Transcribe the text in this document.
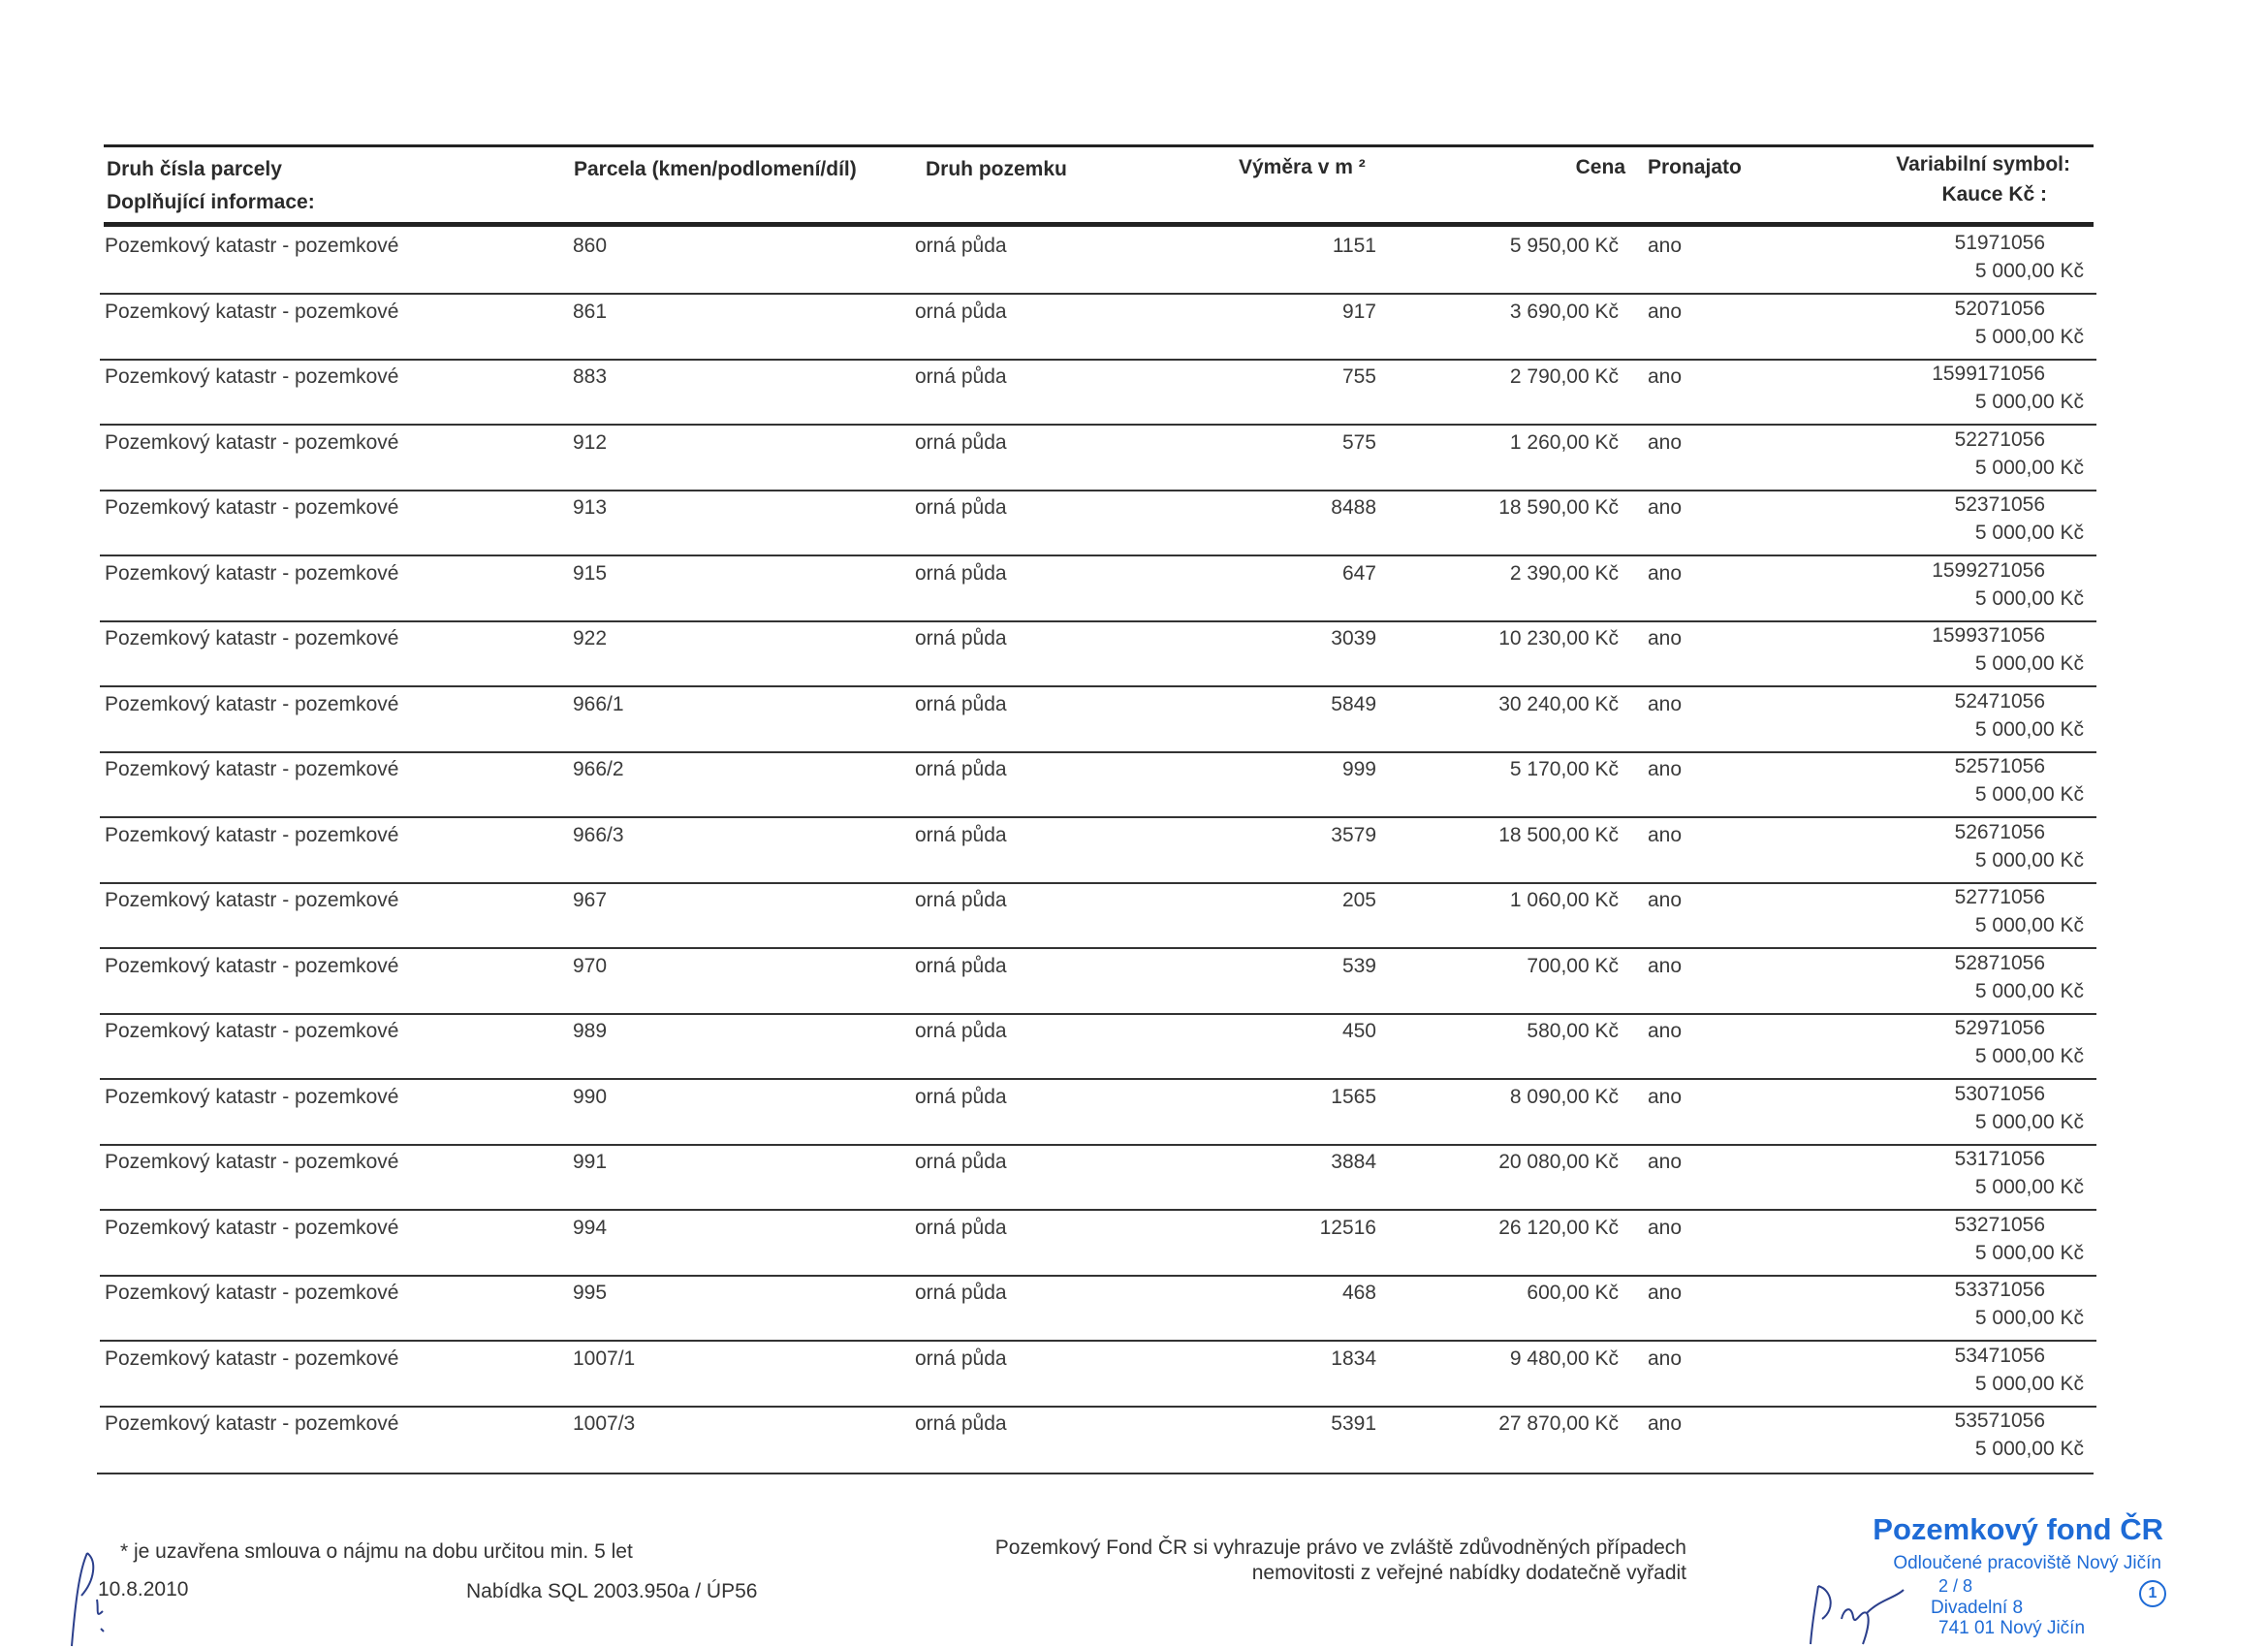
Druh čísla parcely
Doplňující informace:
Parcela (kmen/podlomení/díl)	Druh pozemku	Výměra v m ²	Cena Pronajato	Variabilní symbol:
Kauce Kč :
Pozemkový katastr - pozemkové	860	orná půda	1151	5 950,00 Kč ano	51971056
5 000,00 Kč
Pozemkový katastr - pozemkové	861	orná půda	917	3 690,00 Kč ano	52071056
5 000,00 Kč
Pozemkový katastr - pozemkové	883	orná půda	755	2 790,00 Kč ano	1599171056
5 000,00 Kč
Pozemkový katastr - pozemkové	912	orná půda	575	1 260,00 Kč ano	52271056
5 000,00 Kč
Pozemkový katastr - pozemkové	913	orná půda	8488	18 590,00 Kč ano	52371056
5 000,00 Kč
Pozemkový katastr - pozemkové	915	orná půda	647	2 390,00 Kč ano	1599271056
5 000,00 Kč
Pozemkový katastr - pozemkové	922	orná půda	3039	10 230,00 Kč ano	1599371056
5 000,00 Kč
Pozemkový katastr - pozemkové	966/1	orná půda	5849	30 240,00 Kč ano	52471056
5 000,00 Kč
Pozemkový katastr - pozemkové	966/2	orná půda	999	5 170,00 Kč ano	52571056
5 000,00 Kč
Pozemkový katastr - pozemkové	966/3	orná půda	3579	18 500,00 Kč ano	52671056
5 000,00 Kč
Pozemkový katastr - pozemkové	967	orná půda	205	1 060,00 Kč ano	52771056
5 000,00 Kč
Pozemkový katastr - pozemkové	970	orná půda	539	700,00 Kč ano	52871056
5 000,00 Kč
Pozemkový katastr - pozemkové	989	orná půda	450	580,00 Kč ano	52971056
5 000,00 Kč
Pozemkový katastr - pozemkové	990	orná půda	1565	8 090,00 Kč ano	53071056
5 000,00 Kč
Pozemkový katastr - pozemkové	991	orná půda	3884	20 080,00 Kč ano	53171056
5 000,00 Kč
Pozemkový katastr - pozemkové	994	orná půda	12516	26 120,00 Kč ano	53271056
5 000,00 Kč
Pozemkový katastr - pozemkové	995	orná půda	468	600,00 Kč ano	53371056
5 000,00 Kč
Pozemkový katastr - pozemkové	1007/1	orná půda	1834	9 480,00 Kč ano	53471056
5 000,00 Kč
Pozemkový katastr - pozemkové	1007/3	orná půda	5391	27 870,00 Kč ano	53571056
5 000,00 Kč
* je uzavřena smlouva o nájmu na dobu určitou min. 5 let
10.8.2010	Nabídka SQL 2003.950a / ÚP56
Pozemkový Fond ČR si vyhrazuje právo ve zvláště zdůvodněných případech
nemovitosti z veřejné nabídky dodatečně vyřadit
Pozemkový fond ČR
Odloučené pracoviště Nový Jičín
2 / 8
Divadelní 8
741 01 Nový Jičín
1
